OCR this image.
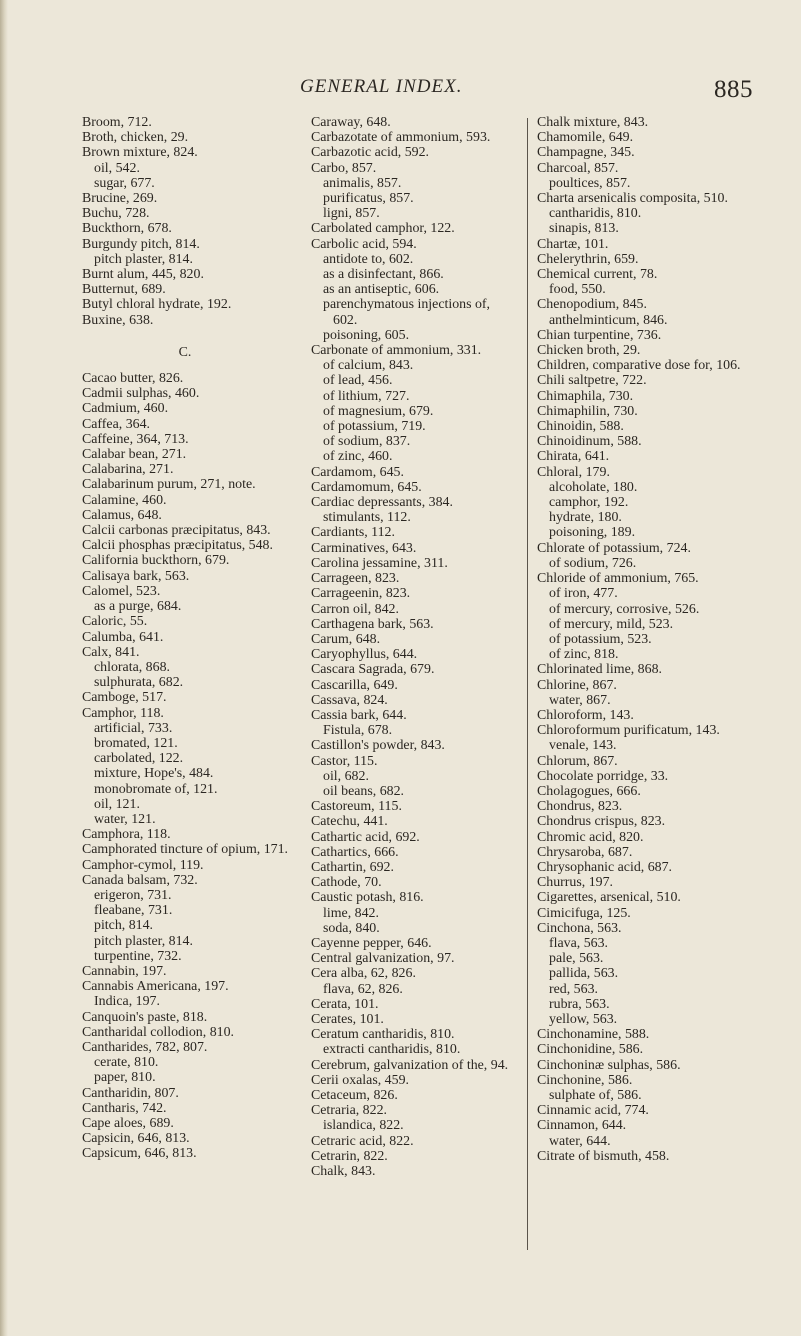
GENERAL INDEX.	885
Broom, 712.
Broth, chicken, 29.
Brown mixture, 824.
oil, 542.
sugar, 677.
Brucine, 269.
Buchu, 728.
Buckthorn, 678.
Burgundy pitch, 814.
pitch plaster, 814.
Burnt alum, 445, 820.
Butternut, 689.
Butyl chloral hydrate, 192.
Buxine, 638.
C.
Cacao butter, 826.
Cadmii sulphas, 460.
Cadmium, 460.
Caffea, 364.
Caffeine, 364, 713.
Calabar bean, 271.
Calabarina, 271.
Calabarinum purum, 271, note.
Calamine, 460.
Calamus, 648.
Calcii carbonas præcipitatus, 843.
Calcii phosphas præcipitatus, 548.
California buckthorn, 679.
Calisaya bark, 563.
Calomel, 523.
as a purge, 684.
Caloric, 55.
Calumba, 641.
Calx, 841.
chlorata, 868.
sulphurata, 682.
Camboge, 517.
Camphor, 118.
artificial, 733.
bromated, 121.
carbolated, 122.
mixture, Hope's, 484.
monobromate of, 121.
oil, 121.
water, 121.
Camphora, 118.
Camphorated tincture of opium, 171.
Camphor-cymol, 119.
Canada balsam, 732.
erigeron, 731.
fleabane, 731.
pitch, 814.
pitch plaster, 814.
turpentine, 732.
Cannabin, 197.
Cannabis Americana, 197.
Indica, 197.
Canquoin's paste, 818.
Cantharidal collodion, 810.
Cantharides, 782, 807.
cerate, 810.
paper, 810.
Cantharidin, 807.
Cantharis, 742.
Cape aloes, 689.
Capsicin, 646, 813.
Capsicum, 646, 813.
Caraway, 648.
Carbazotate of ammonium, 593.
Carbazotic acid, 592.
Carbo, 857.
animalis, 857.
purificatus, 857.
ligni, 857.
Carbolated camphor, 122.
Carbolic acid, 594.
antidote to, 602.
as a disinfectant, 866.
as an antiseptic, 606.
parenchymatous injections of, 602.
poisoning, 605.
Carbonate of ammonium, 331.
of calcium, 843.
of lead, 456.
of lithium, 727.
of magnesium, 679.
of potassium, 719.
of sodium, 837.
of zinc, 460.
Cardamom, 645.
Cardamomum, 645.
Cardiac depressants, 384.
stimulants, 112.
Cardiants, 112.
Carminatives, 643.
Carolina jessamine, 311.
Carrageen, 823.
Carrageenin, 823.
Carron oil, 842.
Carthagena bark, 563.
Carum, 648.
Caryophyllus, 644.
Cascara Sagrada, 679.
Cascarilla, 649.
Cassava, 824.
Cassia bark, 644.
Fistula, 678.
Castillon's powder, 843.
Castor, 115.
oil, 682.
oil beans, 682.
Castoreum, 115.
Catechu, 441.
Cathartic acid, 692.
Cathartics, 666.
Cathartin, 692.
Cathode, 70.
Caustic potash, 816.
lime, 842.
soda, 840.
Cayenne pepper, 646.
Central galvanization, 97.
Cera alba, 62, 826.
flava, 62, 826.
Cerata, 101.
Cerates, 101.
Ceratum cantharidis, 810.
extracti cantharidis, 810.
Cerebrum, galvanization of the, 94.
Cerii oxalas, 459.
Cetaceum, 826.
Cetraria, 822.
islandica, 822.
Cetraric acid, 822.
Cetrarin, 822.
Chalk, 843.
Chalk mixture, 843.
Chamomile, 649.
Champagne, 345.
Charcoal, 857.
poultices, 857.
Charta arsenicalis composita, 510.
cantharidis, 810.
sinapis, 813.
Chartæ, 101.
Chelerythrin, 659.
Chemical current, 78.
food, 550.
Chenopodium, 845.
anthelminticum, 846.
Chian turpentine, 736.
Chicken broth, 29.
Children, comparative dose for, 106.
Chili saltpetre, 722.
Chimaphila, 730.
Chimaphilin, 730.
Chinoidin, 588.
Chinoidinum, 588.
Chirata, 641.
Chloral, 179.
alcoholate, 180.
camphor, 192.
hydrate, 180.
poisoning, 189.
Chlorate of potassium, 724.
of sodium, 726.
Chloride of ammonium, 765.
of iron, 477.
of mercury, corrosive, 526.
of mercury, mild, 523.
of potassium, 523.
of zinc, 818.
Chlorinated lime, 868.
Chlorine, 867.
water, 867.
Chloroform, 143.
Chloroformum purificatum, 143.
venale, 143.
Chlorum, 867.
Chocolate porridge, 33.
Cholagogues, 666.
Chondrus, 823.
Chondrus crispus, 823.
Chromic acid, 820.
Chrysaroba, 687.
Chrysophanic acid, 687.
Churrus, 197.
Cigarettes, arsenical, 510.
Cimicifuga, 125.
Cinchona, 563.
flava, 563.
pale, 563.
pallida, 563.
red, 563.
rubra, 563.
yellow, 563.
Cinchonamine, 588.
Cinchonidine, 586.
Cinchoninæ sulphas, 586.
Cinchonine, 586.
sulphate of, 586.
Cinnamic acid, 774.
Cinnamon, 644.
water, 644.
Citrate of bismuth, 458.
